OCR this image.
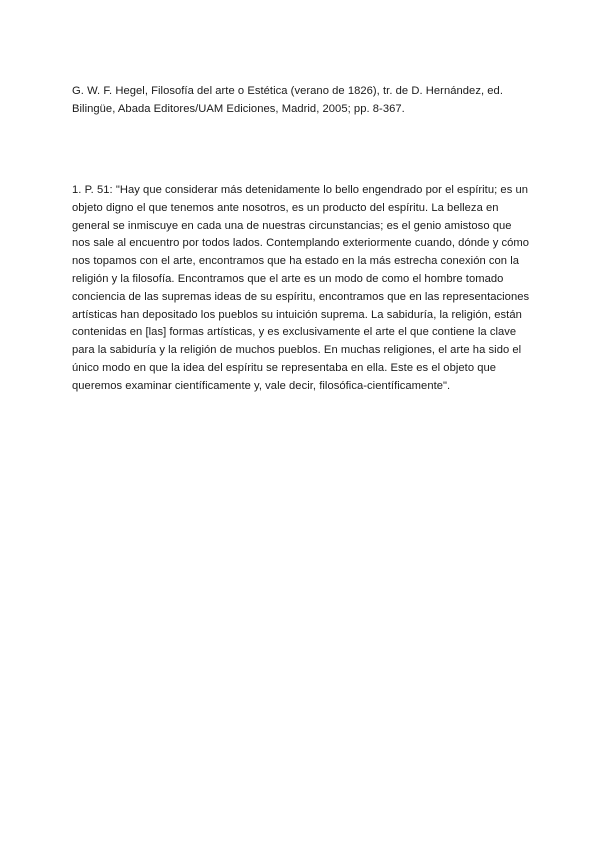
G. W. F. Hegel, Filosofía del arte o Estética (verano de 1826), tr. de D. Hernández, ed. Bilingüe, Abada Editores/UAM Ediciones, Madrid, 2005; pp. 8-367.

1. P. 51: "Hay que considerar más detenidamente lo bello engendrado por el espíritu; es un objeto digno el que tenemos ante nosotros, es un producto del espíritu. La belleza en general se inmiscuye en cada una de nuestras circunstancias; es el genio amistoso que nos sale al encuentro por todos lados. Contemplando exteriormente cuando, dónde y cómo nos topamos con el arte, encontramos que ha estado en la más estrecha conexión con la religión y la filosofía. Encontramos que el arte es un modo de como el hombre tomado conciencia de las supremas ideas de su espíritu, encontramos que en las representaciones artísticas han depositado los pueblos su intuición suprema. La sabiduría, la religión, están contenidas en [las] formas artísticas, y es exclusivamente el arte el que contiene la clave para la sabiduría y la religión de muchos pueblos. En muchas religiones, el arte ha sido el único modo en que la idea del espíritu se representaba en ella. Este es el objeto que queremos examinar científicamente y, vale decir, filosófica-científicamente".
